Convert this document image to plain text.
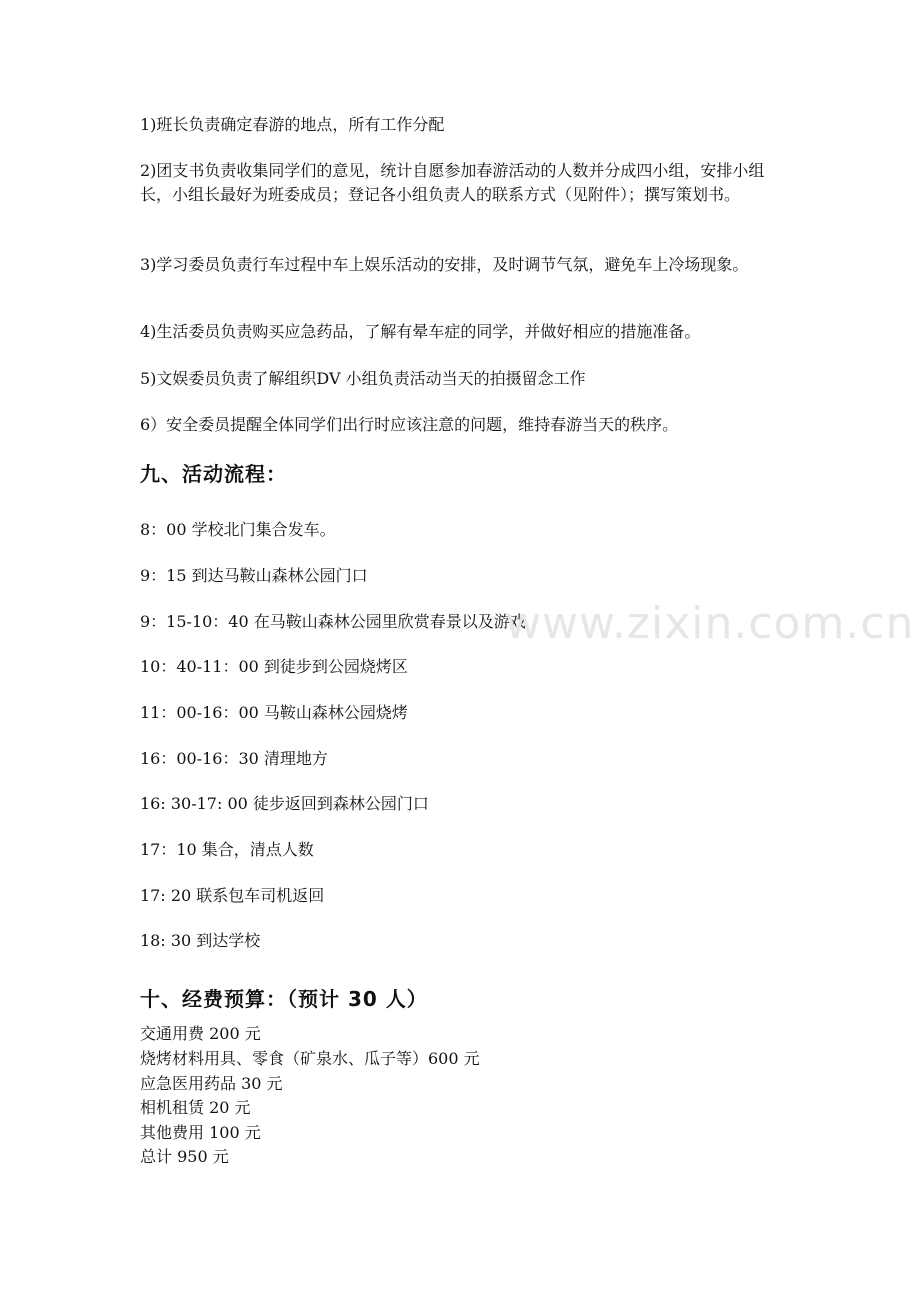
1)班长负责确定春游的地点，所有工作分配
2)团支书负责收集同学们的意见，统计自愿参加春游活动的人数并分成四小组，安排小组长，小组长最好为班委成员；登记各小组负责人的联系方式（见附件）；撰写策划书。
3)学习委员负责行车过程中车上娱乐活动的安排，及时调节气氛，避免车上冷场现象。
4)生活委员负责购买应急药品，了解有晕车症的同学，并做好相应的措施准备。
5)文娱委员负责了解组织DV 小组负责活动当天的拍摄留念工作
6）安全委员提醒全体同学们出行时应该注意的问题，维持春游当天的秩序。
九、活动流程：
8：00 学校北门集合发车。
9：15 到达马鞍山森林公园门口
9：15-10：40 在马鞍山森林公园里欣赏春景以及游戏
10：40-11：00 到徒步到公园烧烤区
11：00-16：00 马鞍山森林公园烧烤
16：00-16：30 清理地方
16: 30-17: 00 徒步返回到森林公园门口
17：10 集合，清点人数
17: 20 联系包车司机返回
18: 30 到达学校
十、经费预算：（预计 30 人）
交通用费 200 元
烧烤材料用具、零食（矿泉水、瓜子等）600 元
应急医用药品 30 元
相机租赁 20 元
其他费用 100 元
总计 950 元
www.zixin.com.cn
